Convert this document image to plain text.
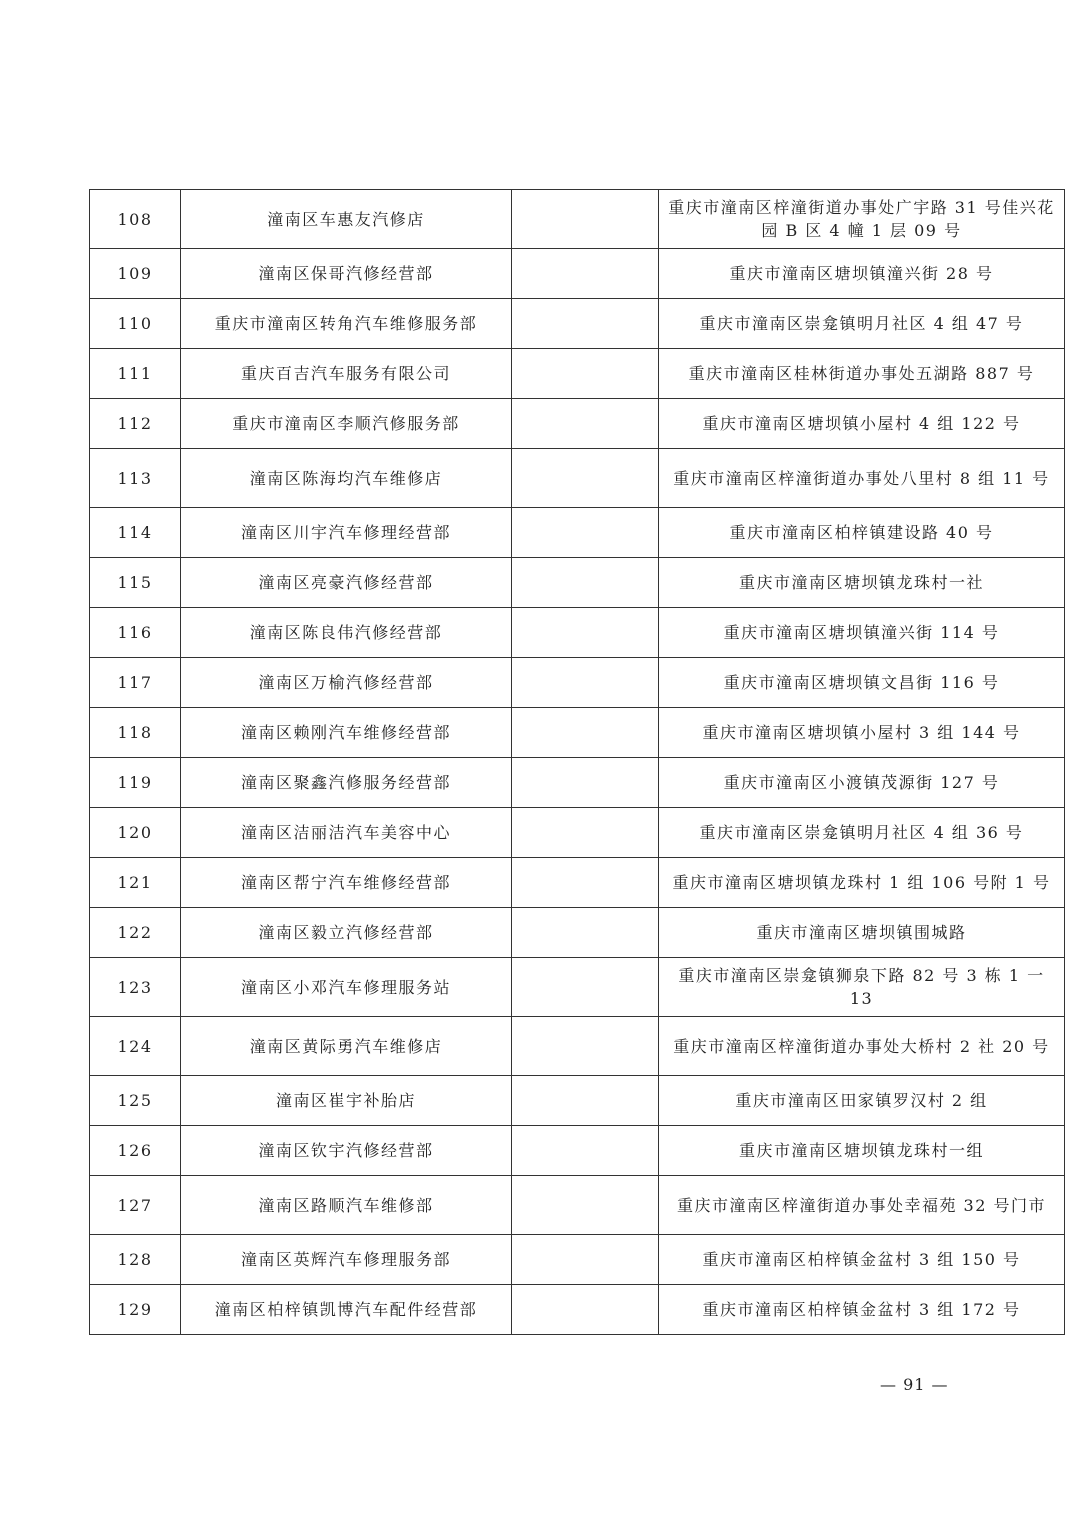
108	潼南区车惠友汽修店		重庆市潼南区梓潼街道办事处广宇路 31 号佳兴花园 B 区 4 幢 1 层 09 号
109	潼南区保哥汽修经营部		重庆市潼南区塘坝镇潼兴街 28 号
110	重庆市潼南区转角汽车维修服务部		重庆市潼南区崇龛镇明月社区 4 组 47 号
111	重庆百吉汽车服务有限公司		重庆市潼南区桂林街道办事处五湖路 887 号
112	重庆市潼南区李顺汽修服务部		重庆市潼南区塘坝镇小屋村 4 组 122 号
113	潼南区陈海均汽车维修店		重庆市潼南区梓潼街道办事处八里村 8 组 11 号
114	潼南区川宇汽车修理经营部		重庆市潼南区柏梓镇建设路 40 号
115	潼南区亮豪汽修经营部		重庆市潼南区塘坝镇龙珠村一社
116	潼南区陈良伟汽修经营部		重庆市潼南区塘坝镇潼兴街 114 号
117	潼南区万榆汽修经营部		重庆市潼南区塘坝镇文昌街 116 号
118	潼南区赖刚汽车维修经营部		重庆市潼南区塘坝镇小屋村 3 组 144 号
119	潼南区聚鑫汽修服务经营部		重庆市潼南区小渡镇茂源街 127 号
120	潼南区洁丽洁汽车美容中心		重庆市潼南区崇龛镇明月社区 4 组 36 号
121	潼南区帮宁汽车维修经营部		重庆市潼南区塘坝镇龙珠村 1 组 106 号附 1 号
122	潼南区毅立汽修经营部		重庆市潼南区塘坝镇围城路
123	潼南区小邓汽车修理服务站		重庆市潼南区崇龛镇狮泉下路 82 号 3 栋 1 一 13
124	潼南区黄际勇汽车维修店		重庆市潼南区梓潼街道办事处大桥村 2 社 20 号
125	潼南区崔宇补胎店		重庆市潼南区田家镇罗汉村 2 组
126	潼南区钦宇汽修经营部		重庆市潼南区塘坝镇龙珠村一组
127	潼南区路顺汽车维修部		重庆市潼南区梓潼街道办事处幸福苑 32 号门市
128	潼南区英辉汽车修理服务部		重庆市潼南区柏梓镇金盆村 3 组 150 号
129	潼南区柏梓镇凯博汽车配件经营部		重庆市潼南区柏梓镇金盆村 3 组 172 号
— 91 —
